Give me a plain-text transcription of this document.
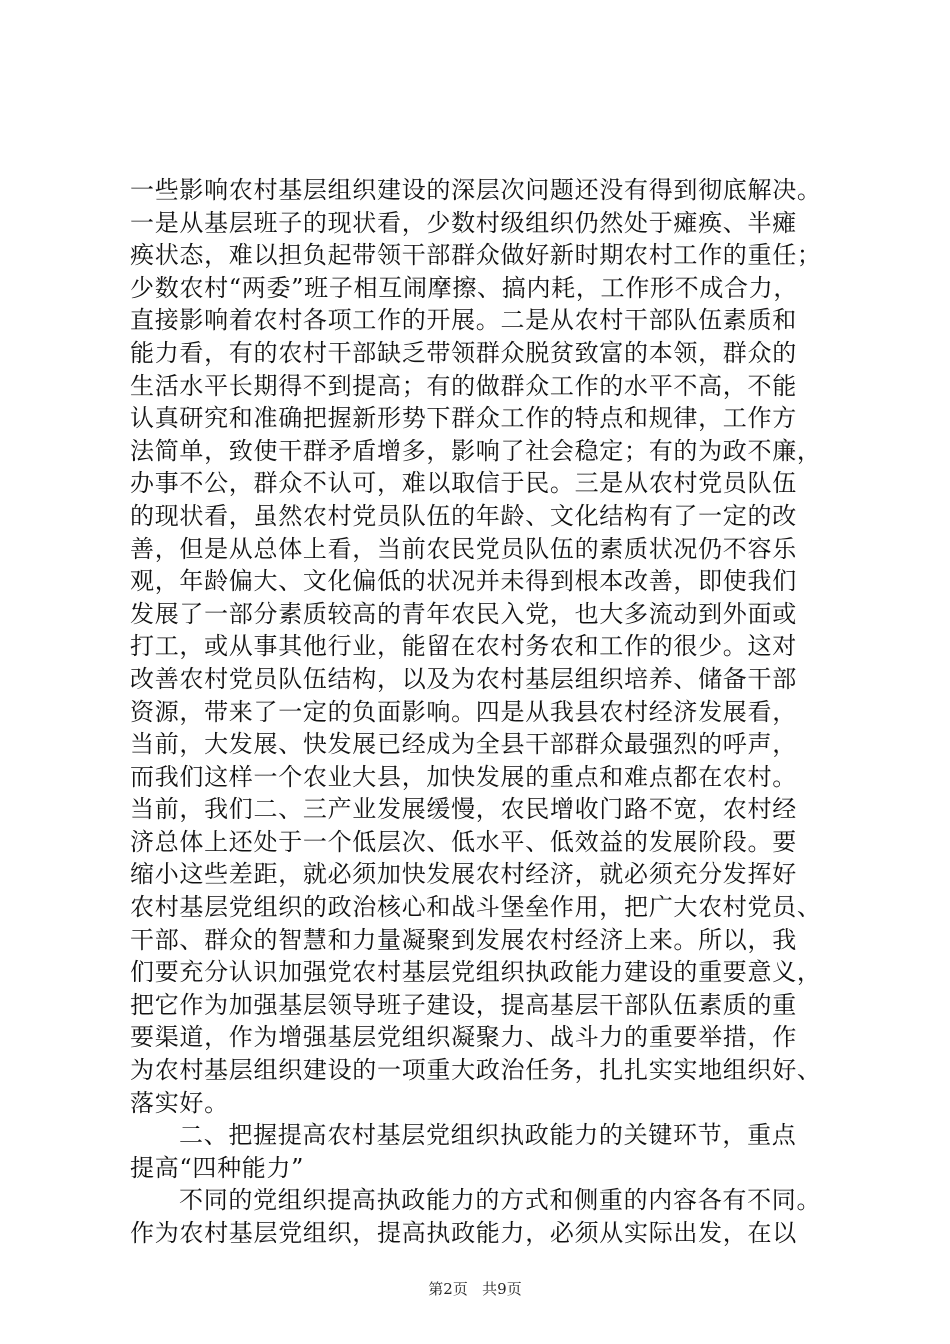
一些影响农村基层组织建设的深层次问题还没有得到彻底解决。
一是从基层班子的现状看，少数村级组织仍然处于瘫痪、半瘫
痪状态，难以担负起带领干部群众做好新时期农村工作的重任；
少数农村“两委”班子相互闹摩擦、搞内耗，工作形不成合力，
直接影响着农村各项工作的开展。二是从农村干部队伍素质和
能力看，有的农村干部缺乏带领群众脱贫致富的本领，群众的
生活水平长期得不到提高；有的做群众工作的水平不高，不能
认真研究和准确把握新形势下群众工作的特点和规律，工作方
法简单，致使干群矛盾增多，影响了社会稳定；有的为政不廉，
办事不公，群众不认可，难以取信于民。三是从农村党员队伍
的现状看，虽然农村党员队伍的年龄、文化结构有了一定的改
善，但是从总体上看，当前农民党员队伍的素质状况仍不容乐
观，年龄偏大、文化偏低的状况并未得到根本改善，即使我们
发展了一部分素质较高的青年农民入党，也大多流动到外面或
打工，或从事其他行业，能留在农村务农和工作的很少。这对
改善农村党员队伍结构，以及为农村基层组织培养、储备干部
资源，带来了一定的负面影响。四是从我县农村经济发展看，
当前，大发展、快发展已经成为全县干部群众最强烈的呼声，
而我们这样一个农业大县，加快发展的重点和难点都在农村。
当前，我们二、三产业发展缓慢，农民增收门路不宽，农村经
济总体上还处于一个低层次、低水平、低效益的发展阶段。要
缩小这些差距，就必须加快发展农村经济，就必须充分发挥好
农村基层党组织的政治核心和战斗堡垒作用，把广大农村党员、
干部、群众的智慧和力量凝聚到发展农村经济上来。所以，我
们要充分认识加强党农村基层党组织执政能力建设的重要意义，
把它作为加强基层领导班子建设，提高基层干部队伍素质的重
要渠道，作为增强基层党组织凝聚力、战斗力的重要举措，作
为农村基层组织建设的一项重大政治任务，扎扎实实地组织好、
落实好。
二、把握提高农村基层党组织执政能力的关键环节，重点
提高“四种能力”
不同的党组织提高执政能力的方式和侧重的内容各有不同。
作为农村基层党组织，提高执政能力，必须从实际出发，在以
第2页 共9页
